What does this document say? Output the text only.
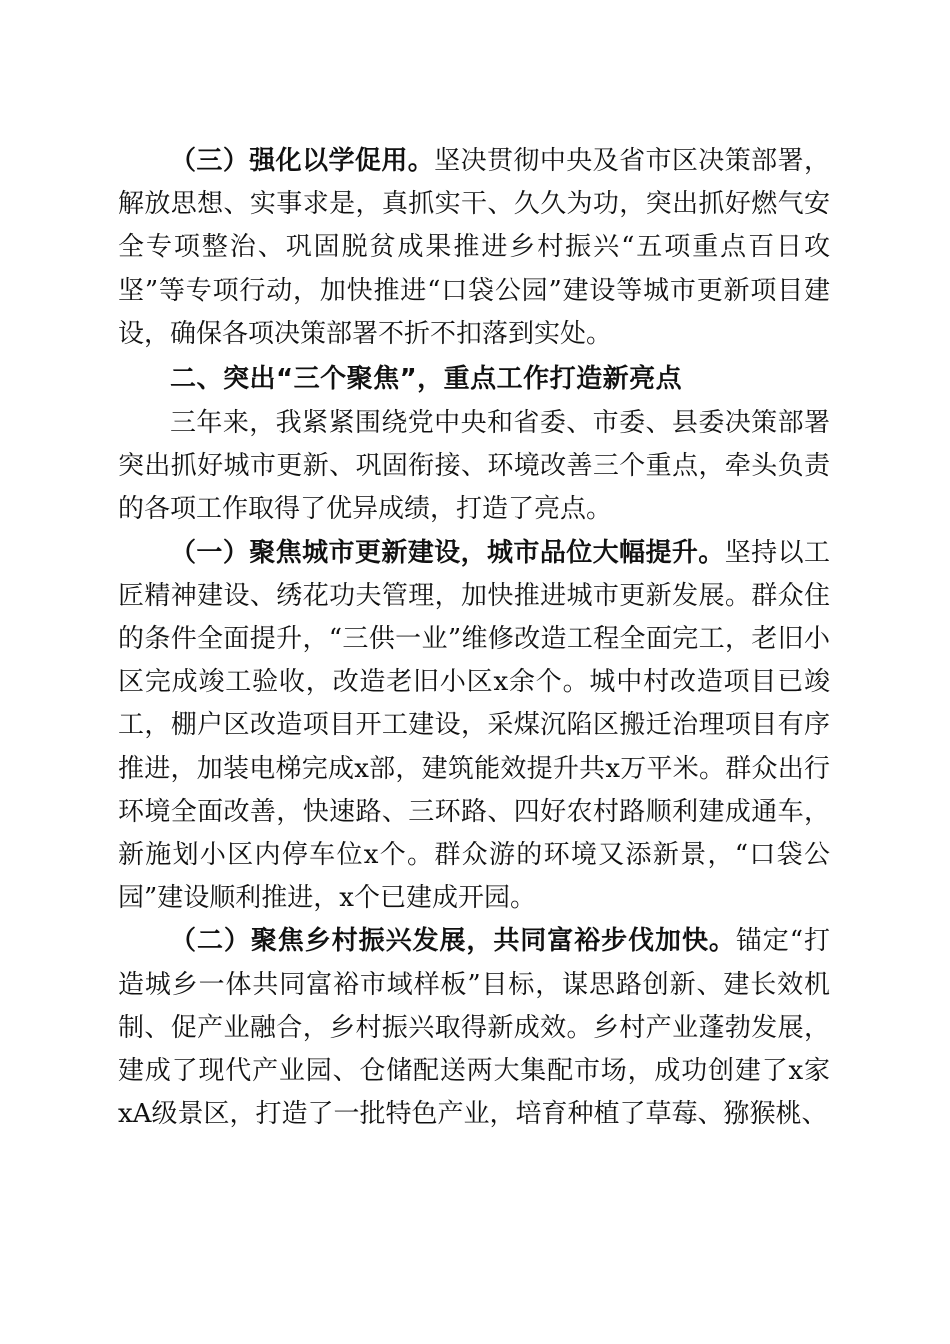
（三）强化以学促用。坚决贯彻中央及省市区决策部署，解放思想、实事求是，真抓实干、久久为功，突出抓好燃气安全专项整治、巩固脱贫成果推进乡村振兴“五项重点百日攻坚”等专项行动，加快推进“口袋公园”建设等城市更新项目建设，确保各项决策部署不折不扣落到实处。

二、突出“三个聚焦”，重点工作打造新亮点

三年来，我紧紧围绕党中央和省委、市委、县委决策部署突出抓好城市更新、巩固衔接、环境改善三个重点，牵头负责的各项工作取得了优异成绩，打造了亮点。

（一）聚焦城市更新建设，城市品位大幅提升。坚持以工匠精神建设、绣花功夫管理，加快推进城市更新发展。群众住的条件全面提升，“三供一业”维修改造工程全面完工，老旧小区完成竣工验收，改造老旧小区x余个。城中村改造项目已竣工，棚户区改造项目开工建设，采煤沉陷区搬迁治理项目有序推进，加装电梯完成x部，建筑能效提升共x万平米。群众出行环境全面改善，快速路、三环路、四好农村路顺利建成通车，新施划小区内停车位x个。群众游的环境又添新景，“口袋公园”建设顺利推进，x个已建成开园。

（二）聚焦乡村振兴发展，共同富裕步伐加快。锚定“打造城乡一体共同富裕市域样板”目标，谋思路创新、建长效机制、促产业融合，乡村振兴取得新成效。乡村产业蓬勃发展，建成了现代产业园、仓储配送两大集配市场，成功创建了x家xA级景区，打造了一批特色产业，培育种植了草莓、猕猴桃、
